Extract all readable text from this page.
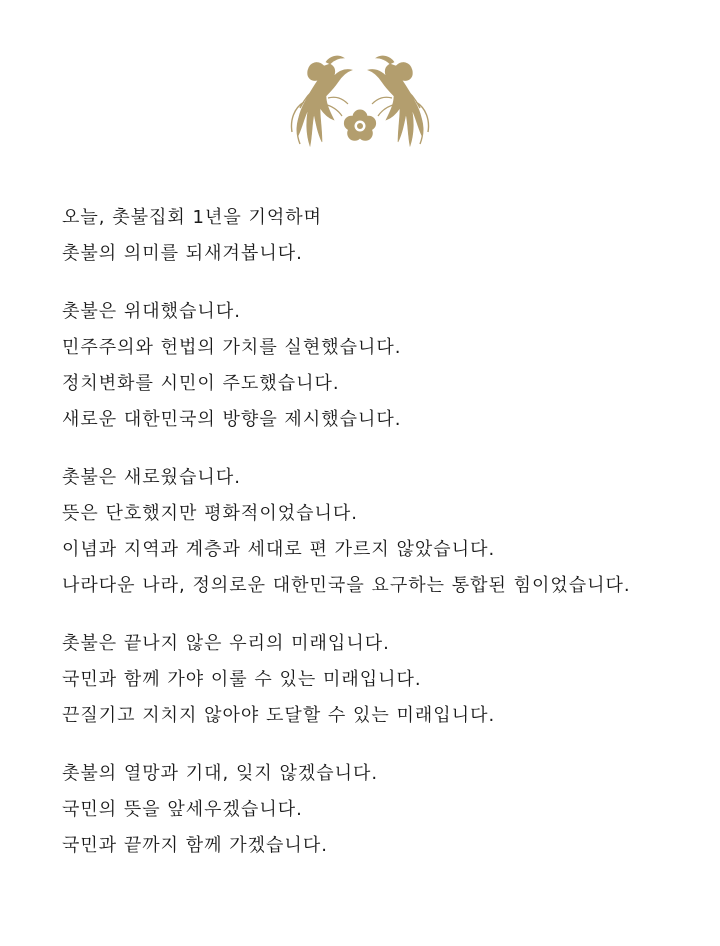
오늘, 촛불집회 1년을 기억하며
촛불의 의미를 되새겨봅니다.
촛불은 위대했습니다.
민주주의와 헌법의 가치를 실현했습니다.
정치변화를 시민이 주도했습니다.
새로운 대한민국의 방향을 제시했습니다.
촛불은 새로웠습니다.
뜻은 단호했지만 평화적이었습니다.
이념과 지역과 계층과 세대로 편 가르지 않았습니다.
나라다운 나라, 정의로운 대한민국을 요구하는 통합된 힘이었습니다.
촛불은 끝나지 않은 우리의 미래입니다.
국민과 함께 가야 이룰 수 있는 미래입니다.
끈질기고 지치지 않아야 도달할 수 있는 미래입니다.
촛불의 열망과 기대, 잊지 않겠습니다.
국민의 뜻을 앞세우겠습니다.
국민과 끝까지 함께 가겠습니다.
